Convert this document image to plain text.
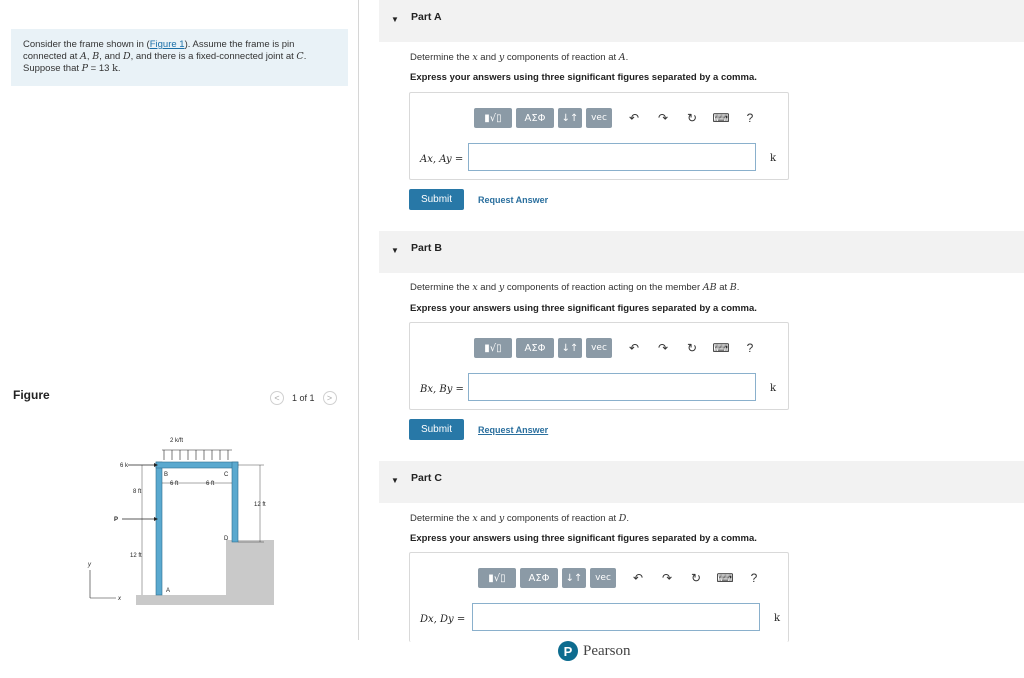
Consider the frame shown in (Figure 1). Assume the frame is pin
connected at A, B, and D, and there is a fixed-connected joint at C.
Suppose that P = 13 k.
Figure	<	1 of 1	>
2 k/ft
6 k
P
B	C
D
A
6 ft	6 ft
8 ft
12 ft
12 ft
y
x
▼ Part A
Determine the x and y components of reaction at A.
Express your answers using three significant figures separated by a comma.
▮√▯	ΑΣΦ	↓↑	vec	↶	↷	↻	⌨	?
Ax, Ay =	k
Submit	Request Answer
▼ Part B
Determine the x and y components of reaction acting on the member AB at B.
Express your answers using three significant figures separated by a comma.
▮√▯	ΑΣΦ	↓↑	vec	↶	↷	↻	⌨	?
Bx, By =	k
Submit	Request Answer
▼ Part C
Determine the x and y components of reaction at D.
Express your answers using three significant figures separated by a comma.
▮√▯	ΑΣΦ	↓↑	vec	↶	↷	↻	⌨	?
Dx, Dy =	k
P Pearson
